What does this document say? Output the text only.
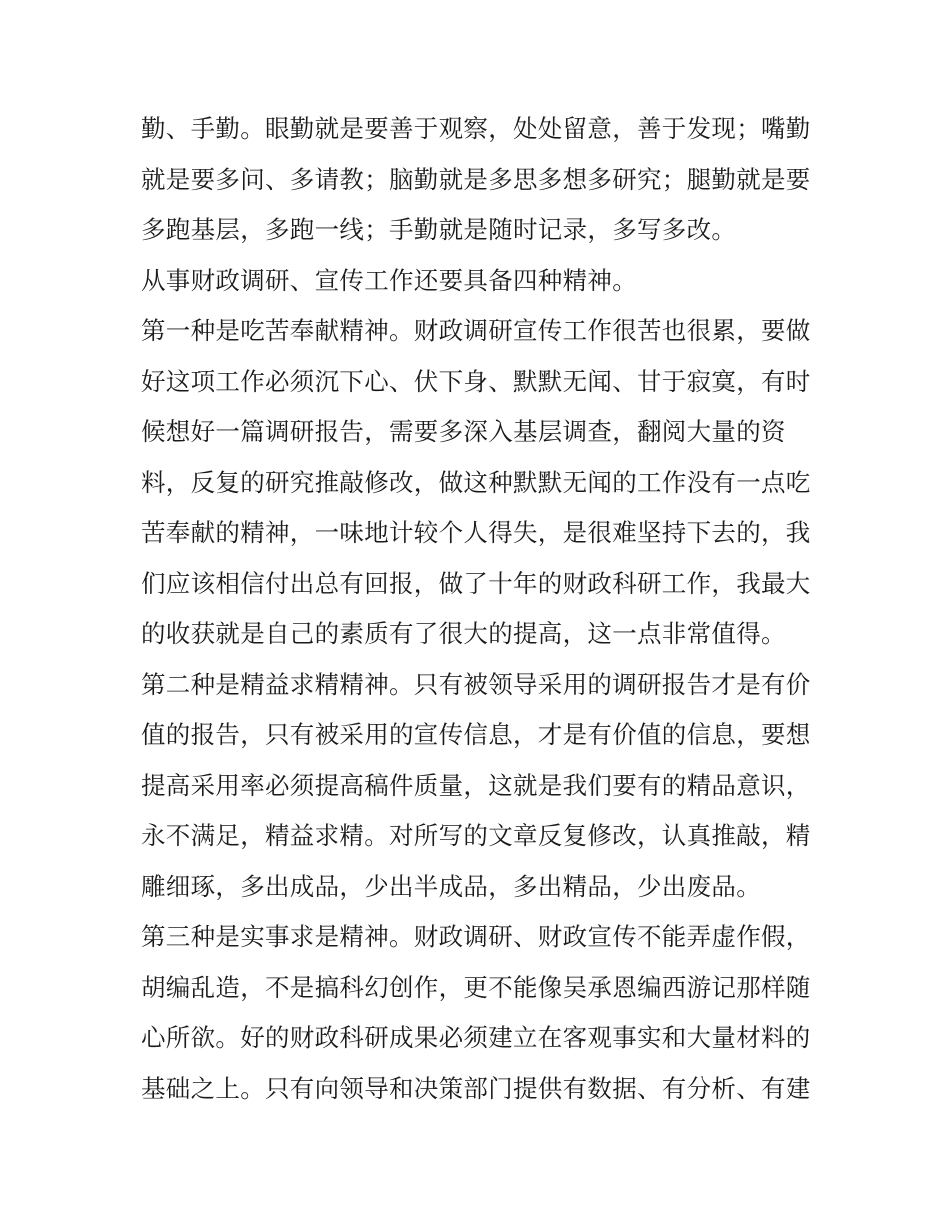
勤、手勤。眼勤就是要善于观察，处处留意，善于发现；嘴勤
就是要多问、多请教；脑勤就是多思多想多研究；腿勤就是要
多跑基层，多跑一线；手勤就是随时记录，多写多改。
从事财政调研、宣传工作还要具备四种精神。
第一种是吃苦奉献精神。财政调研宣传工作很苦也很累，要做
好这项工作必须沉下心、伏下身、默默无闻、甘于寂寞，有时
候想好一篇调研报告，需要多深入基层调查，翻阅大量的资
料，反复的研究推敲修改，做这种默默无闻的工作没有一点吃
苦奉献的精神，一味地计较个人得失，是很难坚持下去的，我
们应该相信付出总有回报，做了十年的财政科研工作，我最大
的收获就是自己的素质有了很大的提高，这一点非常值得。
第二种是精益求精精神。只有被领导采用的调研报告才是有价
值的报告，只有被采用的宣传信息，才是有价值的信息，要想
提高采用率必须提高稿件质量，这就是我们要有的精品意识，
永不满足，精益求精。对所写的文章反复修改，认真推敲，精
雕细琢，多出成品，少出半成品，多出精品，少出废品。
第三种是实事求是精神。财政调研、财政宣传不能弄虚作假，
胡编乱造，不是搞科幻创作，更不能像吴承恩编西游记那样随
心所欲。好的财政科研成果必须建立在客观事实和大量材料的
基础之上。只有向领导和决策部门提供有数据、有分析、有建
